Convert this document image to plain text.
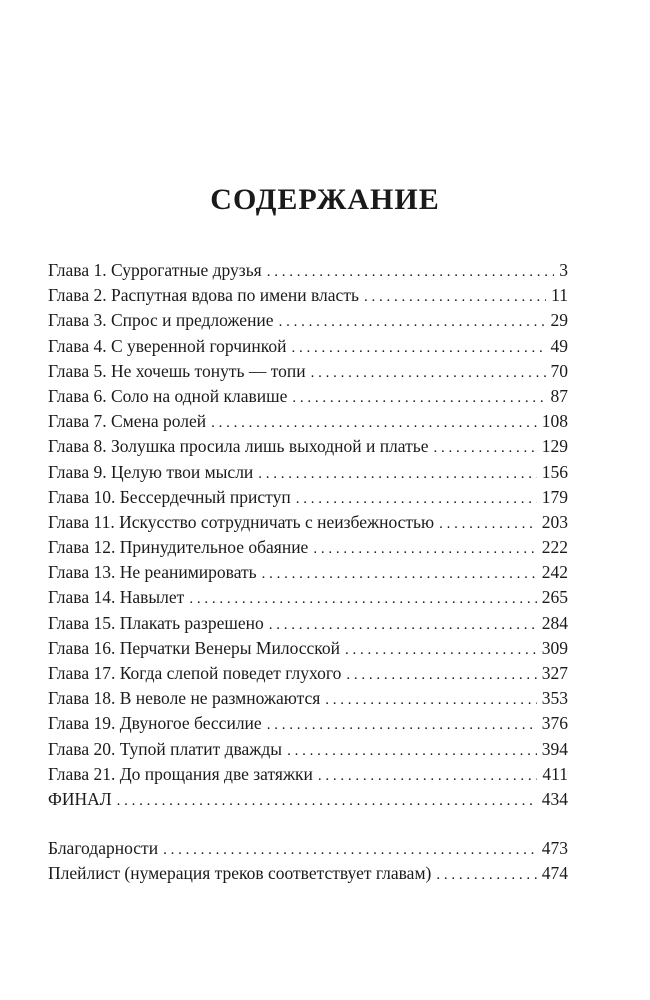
СОДЕРЖАНИЕ
Глава 1. Суррогатные друзья . . .	3
Глава 2. Распутная вдова по имени власть . . .	11
Глава 3. Спрос и предложение . . .	29
Глава 4. С уверенной горчинкой . . .	49
Глава 5. Не хочешь тонуть — топи . . .	70
Глава 6. Соло на одной клавише . . .	87
Глава 7. Смена ролей . . .	108
Глава 8. Золушка просила лишь выходной и платье . . .	129
Глава 9. Целую твои мысли . . .	156
Глава 10. Бессердечный приступ . . .	179
Глава 11. Искусство сотрудничать с неизбежностью . . .	203
Глава 12. Принудительное обаяние . . .	222
Глава 13. Не реанимировать . . .	242
Глава 14. Навылет . . .	265
Глава 15. Плакать разрешено . . .	284
Глава 16. Перчатки Венеры Милосской . . .	309
Глава 17. Когда слепой поведет глухого . . .	327
Глава 18. В неволе не размножаются . . .	353
Глава 19. Двуногое бессилие . . .	376
Глава 20. Тупой платит дважды . . .	394
Глава 21. До прощания две затяжки . . .	411
ФИНАЛ . . .	434
Благодарности . . .	473
Плейлист (нумерация треков соответствует главам) . . .	474
